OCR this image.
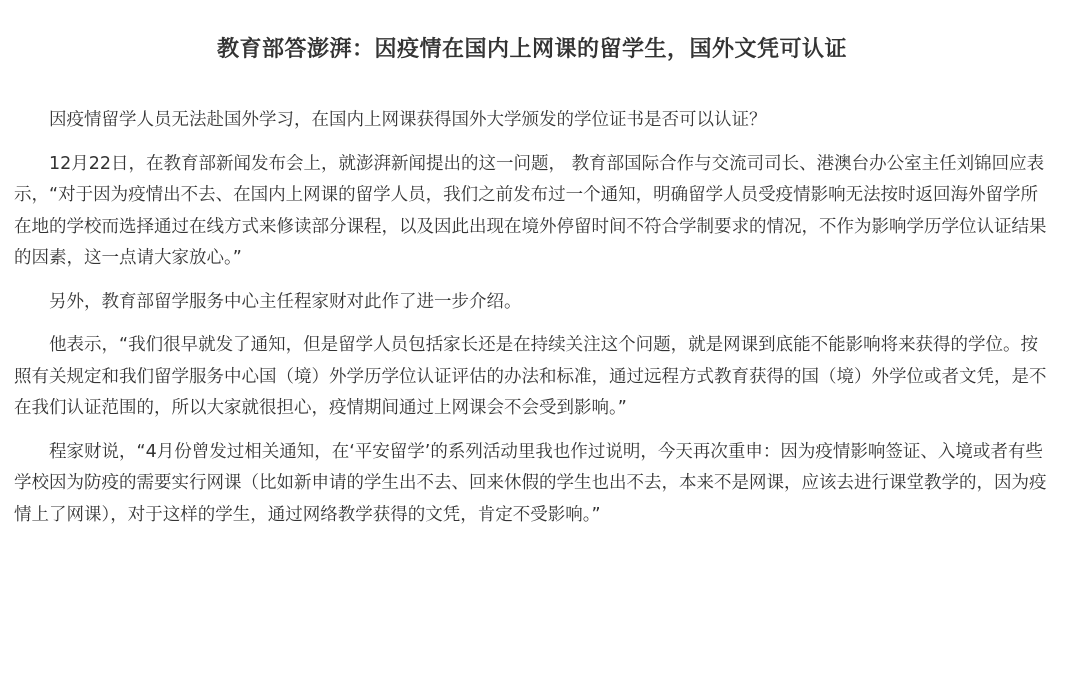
教育部答澎湃：因疫情在国内上网课的留学生，国外文凭可认证

因疫情留学人员无法赴国外学习，在国内上网课获得国外大学颁发的学位证书是否可以认证？

12月22日，在教育部新闻发布会上，就澎湃新闻提出的这一问题， 教育部国际合作与交流司司长、港澳台办公室主任刘锦回应表示，“对于因为疫情出不去、在国内上网课的留学人员，我们之前发布过一个通知，明确留学人员受疫情影响无法按时返回海外留学所在地的学校而选择通过在线方式来修读部分课程，以及因此出现在境外停留时间不符合学制要求的情况，不作为影响学历学位认证结果的因素，这一点请大家放心。”

另外，教育部留学服务中心主任程家财对此作了进一步介绍。

他表示，“我们很早就发了通知，但是留学人员包括家长还是在持续关注这个问题，就是网课到底能不能影响将来获得的学位。按照有关规定和我们留学服务中心国（境）外学历学位认证评估的办法和标准，通过远程方式教育获得的国（境）外学位或者文凭，是不在我们认证范围的，所以大家就很担心，疫情期间通过上网课会不会受到影响。”

程家财说，“4月份曾发过相关通知，在‘平安留学’的系列活动里我也作过说明，今天再次重申：因为疫情影响签证、入境或者有些学校因为防疫的需要实行网课（比如新申请的学生出不去、回来休假的学生也出不去，本来不是网课，应该去进行课堂教学的，因为疫情上了网课），对于这样的学生，通过网络教学获得的文凭，肯定不受影响。”
